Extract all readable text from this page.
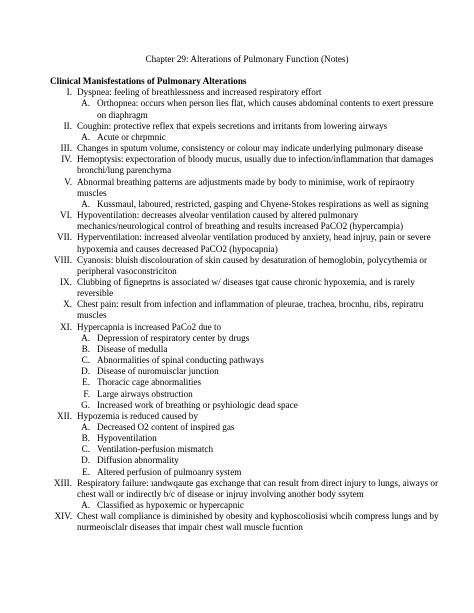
Chapter 29: Alterations of Pulmonary Function (Notes)
Clinical Manisfestations of Pulmonary Alterations
I. Dyspnea: feeling of breathlessness and increased respiratory effort
A. Orthopnea: occurs when person lies flat, which causes abdominal contents to exert pressure on diaphragm
II. Coughin: protective reflex that expels secretions and irritants from lowering airways
A. Acute or chrpmnic
III. Changes in sputum volume, consistency or colour may indicate underlying pulmonary disease
IV. Hemoptysis: expectoration of bloody mucus, usually due to infection/inflammation that damages bronchi/lung parenchyma
V. Abnormal breathing patterns are adjustments made by body to minimise, work of repiraotry muscles
A. Kussmaul, laboured, restricted, gasping and Chyene-Stokes respirations as well as signing
VI. Hypoventilation: decreases alveolar ventilation caused by altered pulmonary mechanics/neurological control of breathing and results increased PaCO2 (hypercampia)
VII. Hyperventilation: increased alveolar ventilation produced by anxiety, head injruy, pain or severe hypoxemia and causes decreased PaCO2 (hypocapnia)
VIII. Cyanosis: bluish discolouration of skin caused by desaturation of hemoglobin, polycythemia or peripheral vasoconstriciton
IX. Clubbing of figneprtns is associated w/ diseases tgat cause chronic hypoxemia, and is rarely reversible
X. Chest pain: result from infection and inflammation of pleurae, trachea, brocnhu, ribs, repiratru muscles
XI. Hypercapnia is increased PaCo2 due to
A. Depression of respiratory center by drugs
B. Disease of medulla
C. Abnormalities of spinal conducting pathways
D. Disease of nuromuisclar junction
E. Thoracic cage abnormalities
F. Large airways obstruction
G. Increased work of breathing or psyhiologic dead space
XII. Hypozemia is reduced caused by
A. Decreased O2 content of inspired gas
B. Hypoventilation
C. Ventilation-perfusion mismatch
D. Diffusion abnormality
E. Altered perfusion of pulmoanry system
XIII. Respiratory failure: ıandwqaute gas exchange that can result from direct injury to lungs, aiways or chest wall or indirectly b/c of disease or injruy involving another body ssytem
A. Classified as hypoxemic or hypercapnic
XIV. Chest wall compliance is diminished by obesity and kyphoscoliosisi whcih compress lungs and by nurmeoisclalr diseases that impair chest wall muscle fucntion
